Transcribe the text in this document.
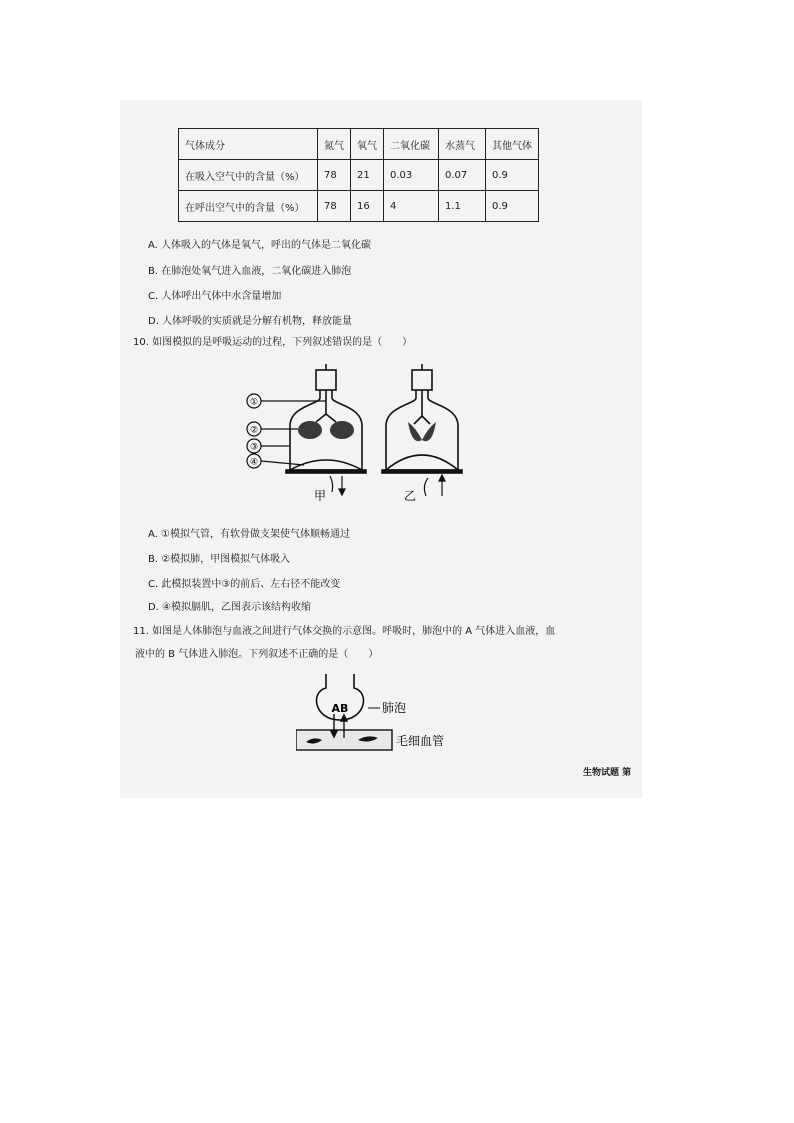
气体成分	氮气	氧气	二氧化碳	水蒸气	其他气体
在吸入空气中的含量（%）	78	21	0.03	0.07	0.9
在呼出空气中的含量（%）	78	16	4	1.1	0.9
A. 人体吸入的气体是氧气，呼出的气体是二氧化碳
B. 在肺泡处氧气进入血液，二氧化碳进入肺泡
C. 人体呼出气体中水含量增加
D. 人体呼吸的实质就是分解有机物，释放能量
10. 如图模拟的是呼吸运动的过程，下列叙述错误的是（　　）
①
②
③
④
甲	乙
A. ①模拟气管，有软骨做支架使气体顺畅通过
B. ②模拟肺，甲图模拟气体吸入
C. 此模拟装置中③的前后、左右径不能改变
D. ④模拟膈肌，乙图表示该结构收缩
11. 如图是人体肺泡与血液之间进行气体交换的示意图。呼吸时，肺泡中的 A 气体进入血液，血
液中的 B 气体进入肺泡。下列叙述不正确的是（　　）
AB	肺泡
毛细血管
生物试题 第
